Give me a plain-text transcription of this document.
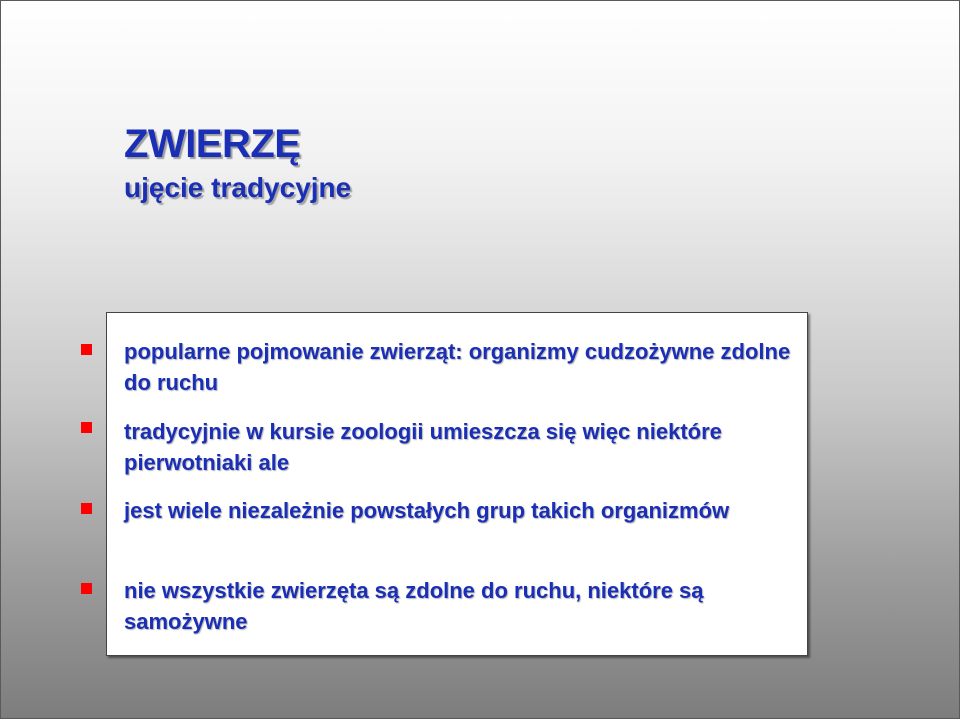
ZWIERZĘ
ujęcie tradycyjne
popularne pojmowanie zwierząt: organizmy cudzożywne zdolne do ruchu
tradycyjnie w kursie zoologii umieszcza się więc niektóre pierwotniaki ale
jest wiele niezależnie powstałych grup takich organizmów
nie wszystkie zwierzęta są zdolne do ruchu, niektóre są samożywne
